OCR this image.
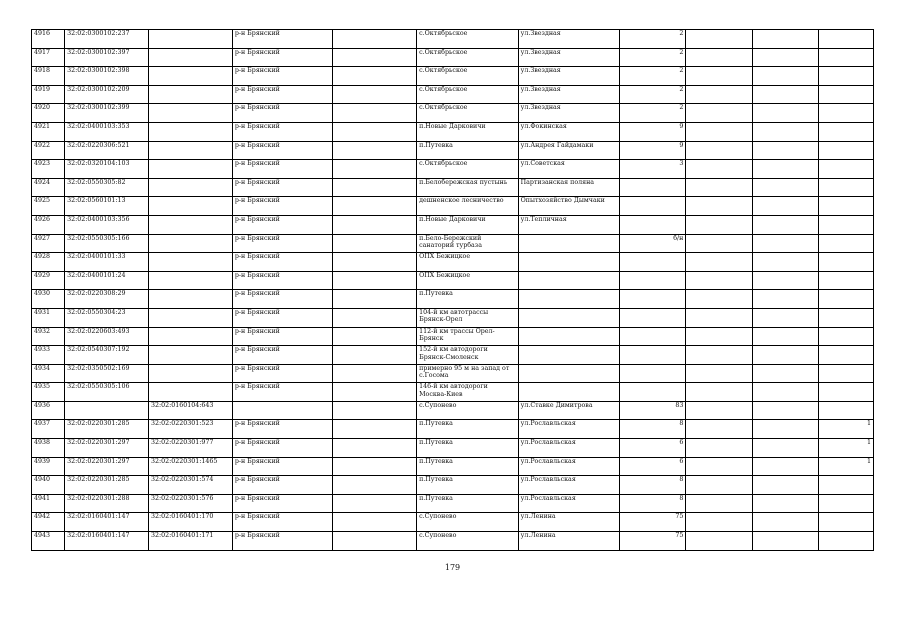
4916	32:02:0300102:237		р-н Брянский		с.Октябрьское	ул.Звездная	2			
4917	32:02:0300102:397		р-н Брянский		с.Октябрьское	ул.Звездная	2			
4918	32:02:0300102:398		р-н Брянский		с.Октябрьское	ул.Звездная	2			
4919	32:02:0300102:209		р-н Брянский		с.Октябрьское	ул.Звездная	2			
4920	32:02:0300102:399		р-н Брянский		с.Октябрьское	ул.Звездная	2			
4921	32:02:0400103:353		р-н Брянский		п.Новые Дарковичи	ул.Фокинская	9			
4922	32:02:0220306:521		р-н Брянский		п.Путевка	ул.Андрея Гайдамаки	9			
4923	32:02:0320104:103		р-н Брянский		с.Октябрьское	ул.Советская	3			
4924	32:02:0550305:82		р-н Брянский		п.Белобережская пустынь	Партизанская поляна				
4925	32:02:0560101:13		р-н Брянский		дешненское лесничество	Опытхозяйство Дымчаки				
4926	32:02:0400103:356		р-н Брянский		п.Новые Дарковичи	ул.Тепличная				
4927	32:02:0550305:166		р-н Брянский		п.Бело-Бережский санаторий турбаза		б/н			
4928	32:02:0400101:33		р-н Брянский		ОПХ Бежицкое					
4929	32:02:0400101:24		р-н Брянский		ОПХ Бежицкое					
4930	32:02:0220308:29		р-н Брянский		п.Путевка					
4931	32:02:0550304:23		р-н Брянский		104-й км автотрассы Брянск-Орел					
4932	32:02:0220603:493		р-н Брянский		112-й км трассы Орел-Брянск					
4933	32:02:0540307:192		р-н Брянский		152-й км автодороги Брянск-Смоленск					
4934	32:02:0350502:169		р-н Брянский		примерно 95 м на запад от с.Госома					
4935	32:02:0550305:106		р-н Брянский		146-й км автодороги Москва-Киев					
4936		32:02:0160104:643			с.Супонево	ул.Ставке Димитрова	83			
4937	32:02:0220301:285	32:02:0220301:523	р-н Брянский		п.Путевка	ул.Рославльская	8			1
4938	32:02:0220301:297	32:02:0220301:977	р-н Брянский		п.Путевка	ул.Рославльская	6			1
4939	32:02:0220301:297	32:02:0220301:1465	р-н Брянский		п.Путевка	ул.Рославльская	6			1
4940	32:02:0220301:285	32:02:0220301:574	р-н Брянский		п.Путевка	ул.Рославльская	8			
4941	32:02:0220301:288	32:02:0220301:576	р-н Брянский		п.Путевка	ул.Рославльская	8			
4942	32:02:0160401:147	32:02:0160401:170	р-н Брянский		с.Супонево	ул.Ленина	75			
4943	32:02:0160401:147	32:02:0160401:171	р-н Брянский		с.Супонево	ул.Ленина	75			
179
